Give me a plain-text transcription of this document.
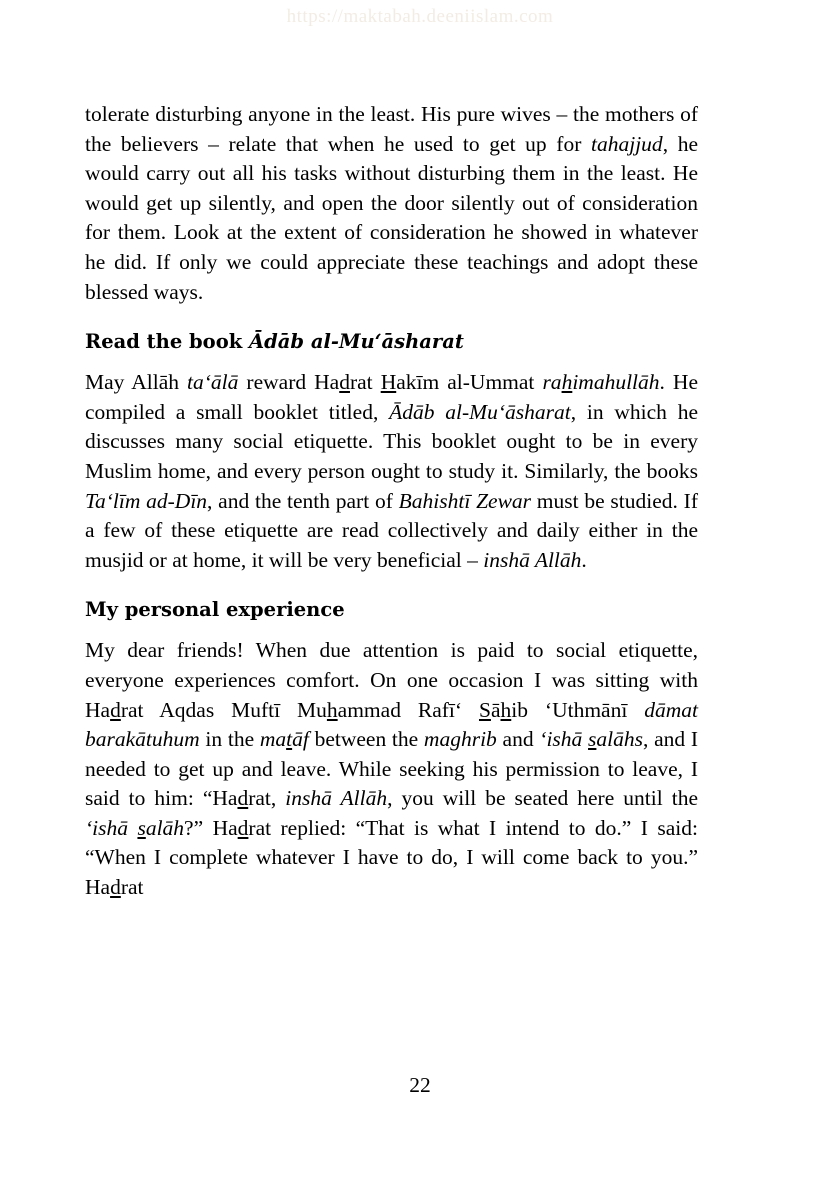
https://maktabah.deeniislam.com

tolerate disturbing anyone in the least. His pure wives – the mothers of the believers – relate that when he used to get up for tahajjud, he would carry out all his tasks without disturbing them in the least. He would get up silently, and open the door silently out of consideration for them. Look at the extent of consideration he showed in whatever he did. If only we could appreciate these teachings and adopt these blessed ways.

Read the book Ādāb al-Muʻāsharat

May Allāh taʻālā reward Hadrat Hakīm al-Ummat rahimahullāh. He compiled a small booklet titled, Ādāb al-Muʻāsharat, in which he discusses many social etiquette. This booklet ought to be in every Muslim home, and every person ought to study it. Similarly, the books Taʻlīm ad-Dīn, and the tenth part of Bahishtī Zewar must be studied. If a few of these etiquette are read collectively and daily either in the musjid or at home, it will be very beneficial – inshā Allāh.

My personal experience

My dear friends! When due attention is paid to social etiquette, everyone experiences comfort. On one occasion I was sitting with Hadrat Aqdas Muftī Muhammad Rafīʻ Sāhib ʻUthmānī dāmat barakātuhum in the matāf between the maghrib and ʻishā salāhs, and I needed to get up and leave. While seeking his permission to leave, I said to him: “Hadrat, inshā Allāh, you will be seated here until the ʻishā salāh?” Hadrat replied: “That is what I intend to do.” I said: “When I complete whatever I have to do, I will come back to you.” Hadrat

22
